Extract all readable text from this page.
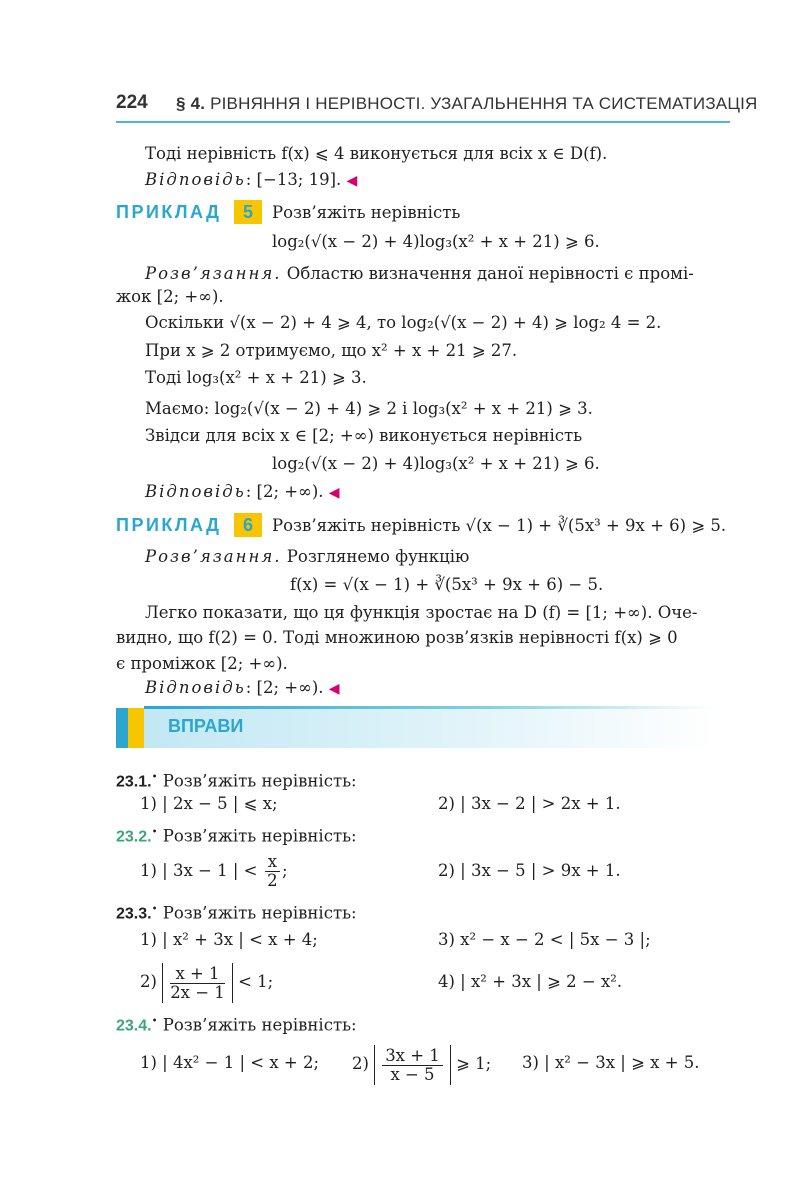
224 § 4. РІВНЯННЯ І НЕРІВНОСТІ. УЗАГАЛЬНЕННЯ ТА СИСТЕМАТИЗАЦІЯ
Тоді нерівність f(x) ⩽ 4 виконується для всіх x ∈ D(f).
Відповідь: [−13; 19]. ◀
ПРИКЛАД	5	Розв’яжіть нерівність
log₂(√(x − 2) + 4)log₃(x² + x + 21) ⩾ 6.
Розв’язання. Областю визначення даної нерівності є промі-
жок [2; +∞).
Оскільки √(x − 2) + 4 ⩾ 4, то log₂(√(x − 2) + 4) ⩾ log₂ 4 = 2.
При x ⩾ 2 отримуємо, що x² + x + 21 ⩾ 27.
Тоді log₃(x² + x + 21) ⩾ 3.
Маємо: log₂(√(x − 2) + 4) ⩾ 2 і log₃(x² + x + 21) ⩾ 3.
Звідси для всіх x ∈ [2; +∞) виконується нерівність
log₂(√(x − 2) + 4)log₃(x² + x + 21) ⩾ 6.
Відповідь: [2; +∞). ◀
ПРИКЛАД	6	Розв’яжіть нерівність √(x − 1) + ∛(5x³ + 9x + 6) ⩾ 5.
Розв’язання. Розглянемо функцію
f(x) = √(x − 1) + ∛(5x³ + 9x + 6) − 5.
Легко показати, що ця функція зростає на D (f) = [1; +∞). Оче-
видно, що f(2) = 0. Тоді множиною розв’язків нерівності f(x) ⩾ 0
є проміжок [2; +∞).
Відповідь: [2; +∞). ◀
ВПРАВИ
23.1.• Розв’яжіть нерівність:
1) | 2x − 5 | ⩽ x;	2) | 3x − 2 | > 2x + 1.
23.2.• Розв’яжіть нерівність:
1) | 3x − 1 | < $\frac{x}{2}$ ;	2) | 3x − 5 | > 9x + 1.
23.3.• Розв’яжіть нерівність:
1) | x² + 3x | < x + 4;	3) x² − x − 2 < | 5x − 3 |;
$2) \frac{x + 1}{2x - 1} < 1$;	4) | x² + 3x | ⩾ 2 − x².
23.4.• Розв’яжіть нерівність:
1) | 4x² − 1 | < x + 2; $2) \frac{3x + 1}{x - 5}$ ⩾ 1; 3) | x² − 3x | ⩾ x + 5.
